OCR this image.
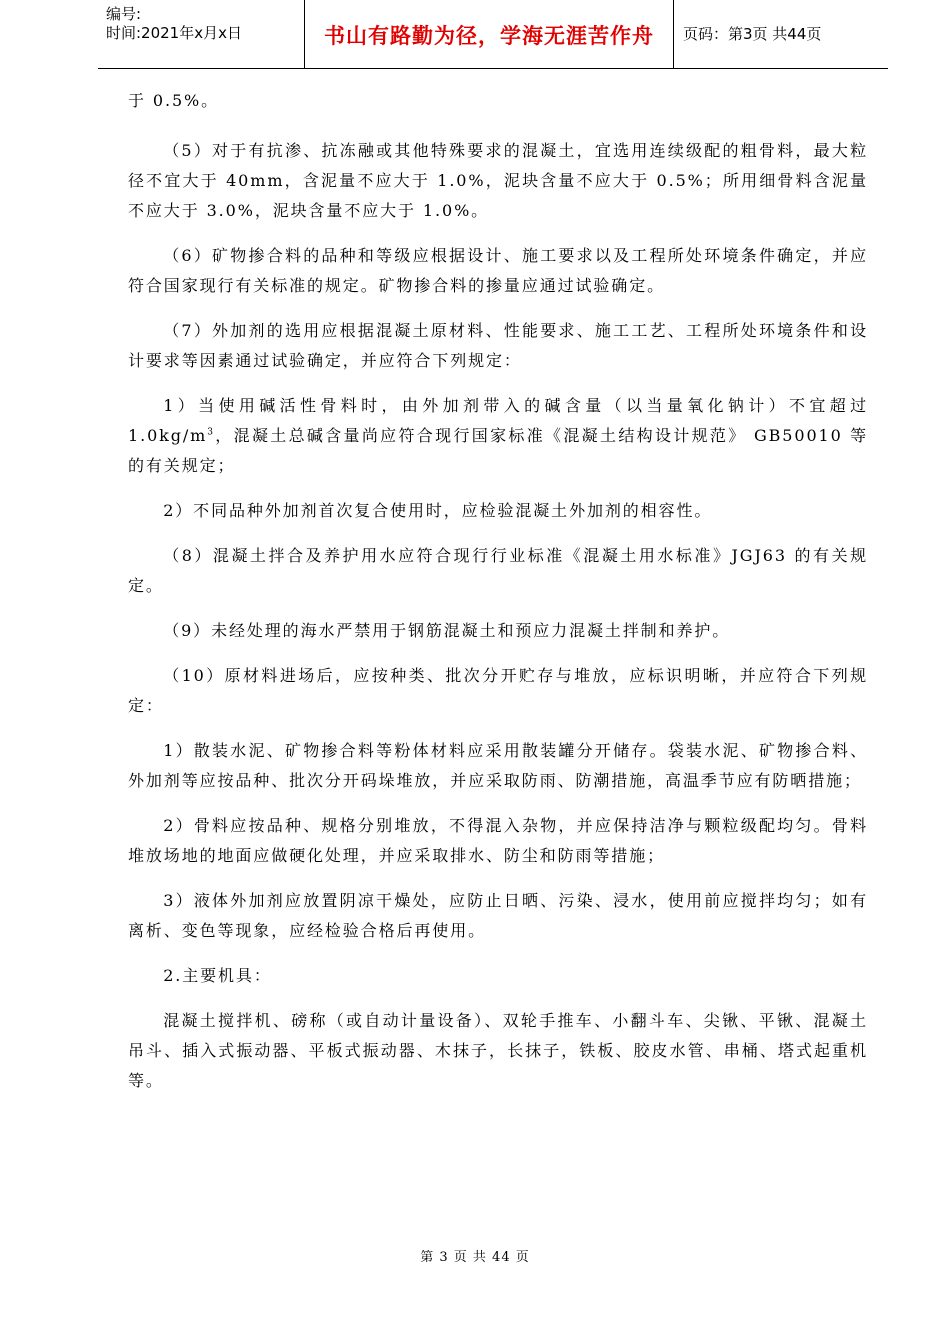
编号:
时间:2021年x月x日	书山有路勤为径，学海无涯苦作舟	页码：第3页 共44页

于 0.5%。

（5）对于有抗渗、抗冻融或其他特殊要求的混凝土，宜选用连续级配的粗骨料，最大粒径不宜大于 40mm，含泥量不应大于 1.0%，泥块含量不应大于 0.5%；所用细骨料含泥量不应大于 3.0%，泥块含量不应大于 1.0%。

（6）矿物掺合料的品种和等级应根据设计、施工要求以及工程所处环境条件确定，并应符合国家现行有关标准的规定。矿物掺合料的掺量应通过试验确定。

（7）外加剂的选用应根据混凝土原材料、性能要求、施工工艺、工程所处环境条件和设计要求等因素通过试验确定，并应符合下列规定：

1）当使用碱活性骨料时，由外加剂带入的碱含量（以当量氧化钠计）不宜超过 $1.0kg/m^3$，混凝土总碱含量尚应符合现行国家标准《混凝土结构设计规范》 GB50010 等的有关规定；

2）不同品种外加剂首次复合使用时，应检验混凝土外加剂的相容性。

（8）混凝土拌合及养护用水应符合现行行业标准《混凝土用水标准》JGJ63 的有关规定。

（9）未经处理的海水严禁用于钢筋混凝土和预应力混凝土拌制和养护。

（10）原材料进场后，应按种类、批次分开贮存与堆放，应标识明晰，并应符合下列规定：

1）散装水泥、矿物掺合料等粉体材料应采用散装罐分开储存。袋装水泥、矿物掺合料、外加剂等应按品种、批次分开码垛堆放，并应采取防雨、防潮措施，高温季节应有防晒措施；

2）骨料应按品种、规格分别堆放，不得混入杂物，并应保持洁净与颗粒级配均匀。骨料堆放场地的地面应做硬化处理，并应采取排水、防尘和防雨等措施；

3）液体外加剂应放置阴凉干燥处，应防止日晒、污染、浸水，使用前应搅拌均匀；如有离析、变色等现象，应经检验合格后再使用。

2.主要机具：

混凝土搅拌机、磅称（或自动计量设备）、双轮手推车、小翻斗车、尖锹、平锹、混凝土吊斗、插入式振动器、平板式振动器、木抹子，长抹子，铁板、胶皮水管、串桶、塔式起重机等。

第 3 页 共 44 页
